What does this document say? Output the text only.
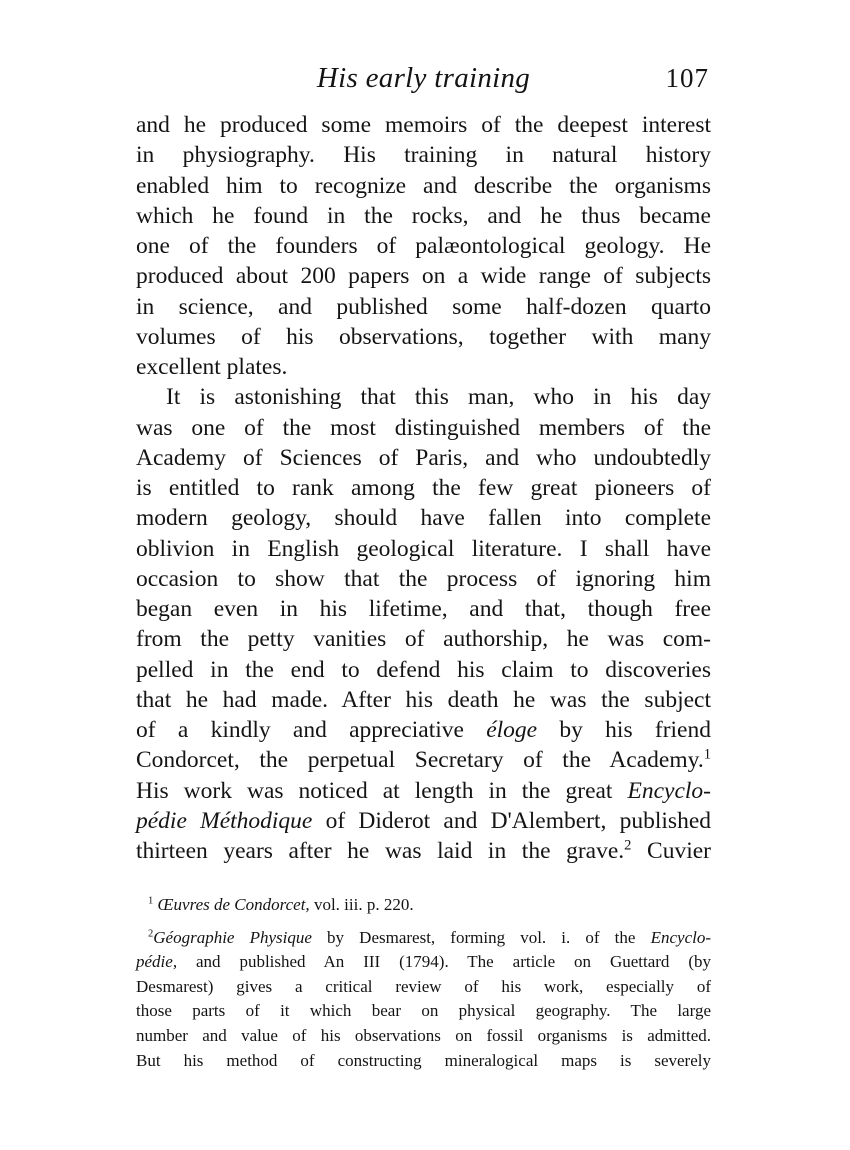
His early training	107
and he produced some memoirs of the deepest interest
in physiography. His training in natural history
enabled him to recognize and describe the organisms
which he found in the rocks, and he thus became
one of the founders of palæontological geology. He
produced about 200 papers on a wide range of subjects
in science, and published some half-dozen quarto
volumes of his observations, together with many
excellent plates.
It is astonishing that this man, who in his day
was one of the most distinguished members of the
Academy of Sciences of Paris, and who undoubtedly
is entitled to rank among the few great pioneers of
modern geology, should have fallen into complete
oblivion in English geological literature. I shall have
occasion to show that the process of ignoring him
began even in his lifetime, and that, though free
from the petty vanities of authorship, he was com-
pelled in the end to defend his claim to discoveries
that he had made. After his death he was the subject
of a kindly and appreciative éloge by his friend
Condorcet, the perpetual Secretary of the Academy.$^1$
His work was noticed at length in the great Encyclo-
pédie Méthodique of Diderot and D'Alembert, published
thirteen years after he was laid in the grave.$^2$ Cuvier
$^1$ Œuvres de Condorcet, vol. iii. p. 220.
$^2$Géographie Physique by Desmarest, forming vol. i. of the Encyclo-
pédie, and published An III (1794). The article on Guettard (by
Desmarest) gives a critical review of his work, especially of
those parts of it which bear on physical geography. The large
number and value of his observations on fossil organisms is admitted.
But his method of constructing mineralogical maps is severely
